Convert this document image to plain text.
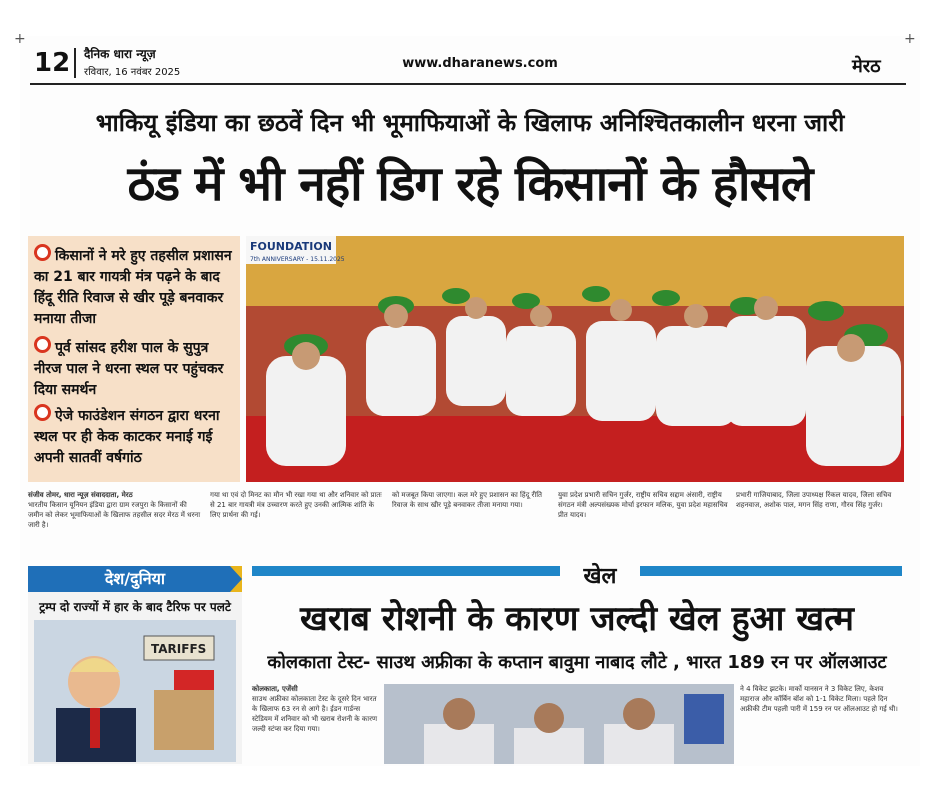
+	+
12 दैनिक धारा न्यूज़
रविवार, 16 नवंबर 2025
www.dharanews.com	मेरठ
भाकियू इंडिया का छठवें दिन भी भूमाफियाओं के खिलाफ अनिश्चितकालीन धरना जारी
ठंड में भी नहीं डिग रहे किसानों के हौसले
किसानों ने मरे हुए तहसील प्रशासन का 21 बार गायत्री मंत्र पढ़ने के बाद हिंदू रीति रिवाज से खीर पूड़े बनवाकर मनाया तीजा
पूर्व सांसद हरीश पाल के सुपुत्र नीरज पाल ने धरना स्थल पर पहुंचकर दिया समर्थन
ऐजे फाउंडेशन संगठन द्वारा धरना स्थल पर ही केक काटकर मनाई गई अपनी सातवीं वर्षगांठ
FOUNDATION
7th ANNIVERSARY - 15.11.2025
संजीव तोमर, धारा न्यूज़ संवाददाता, मेरठ
भारतीय किसान यूनियन इंडिया द्वारा ग्राम रजपुरा के किसानों की जमीन को लेकर भूमाफियाओं के खिलाफ तहसील सदर मेरठ में धरना जारी है।
गया था एवं दो मिनट का मौन भी रखा गया था और शनिवार को प्रातः से 21 बार गायत्री मंत्र उच्चारण करते हुए उनकी आत्मिक शांति के लिए प्रार्थना की गई।
को मजबूत किया जाएगा। कल मरे हुए प्रशासन का हिंदू रीति रिवाज के साथ खीर पूड़े बनवाकर तीजा मनाया गया।
युवा प्रदेश प्रभारी सचिन गुर्जर, राष्ट्रीय सचिव सद्दाम अंसारी, राष्ट्रीय संगठन मंत्री अल्पसंख्यक मोर्चा इरफान मलिक, युवा प्रदेश महासचिव प्रीत यादव।
प्रभारी गाजियाबाद, जिला उपाध्यक्ष रिंकल यादव, जिला सचिव शहनवाज, अशोक पाल, मगन सिंह राणा, गौरव सिंह गुर्जर।
देश/दुनिया
ट्रम्प दो राज्यों में हार के बाद टैरिफ पर पलटे
TARIFFS
खेल
खराब रोशनी के कारण जल्दी खेल हुआ खत्म
कोलकाता टेस्ट- साउथ अफ्रीका के कप्तान बावुमा नाबाद लौटे , भारत 189 रन पर ऑलआउट
कोलकाता, एजेंसी
साउथ अफ्रीका कोलकाता टेस्ट के दूसरे दिन भारत के खिलाफ 63 रन से आगे है। ईडन गार्डन्स स्टेडियम में शनिवार को भी खराब रोशनी के कारण जल्दी स्टंप्स कर दिया गया।
ने 4 विकेट झटके। मार्को यानसन ने 3 विकेट लिए, केशव महाराज और कॉर्बिन बॉश को 1-1 विकेट मिला। पहले दिन अफ्रीकी टीम पहली पारी में 159 रन पर ऑलआउट हो गई थी।
